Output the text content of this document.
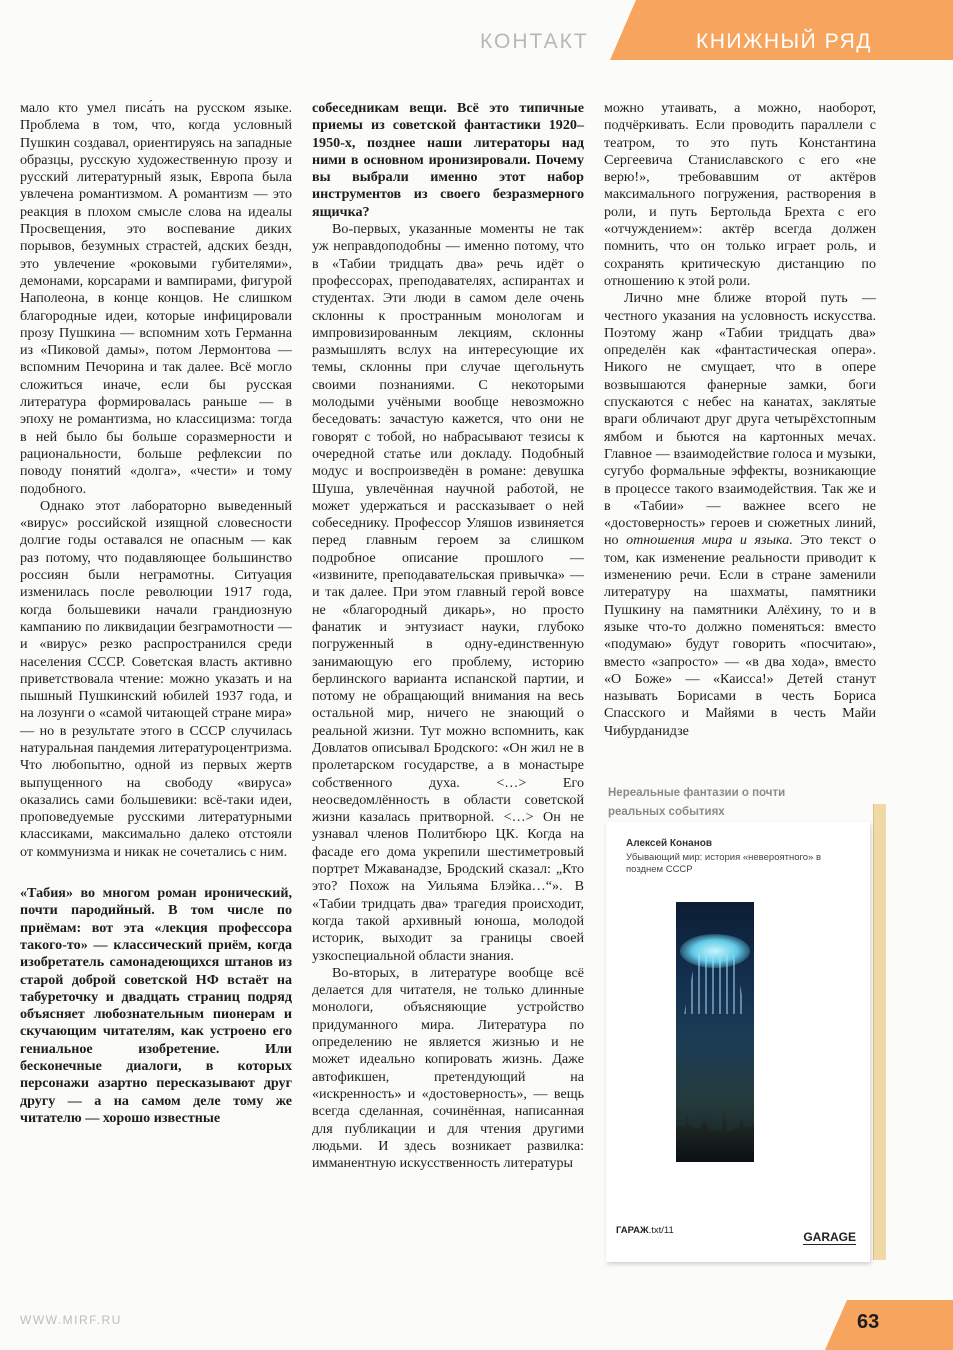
КОНТАКТ	КНИЖНЫЙ РЯД

мало кто умел писа́ть на русском языке. Проблема в том, что, когда условный Пушкин создавал, ориентируясь на западные образцы, русскую художественную прозу и русский литературный язык, Европа была увлечена романтизмом. А романтизм — это реакция в плохом смысле слова на идеалы Просвещения, это воспевание диких порывов, безумных страстей, адских бездн, это увлечение «роковыми губителями», демонами, корсарами и вампирами, фигурой Наполеона, в конце концов. Не слишком благородные идеи, которые инфицировали прозу Пушкина — вспомним хоть Германна из «Пиковой дамы», потом Лермонтова — вспомним Печорина и так далее. Всё могло сложиться иначе, если бы русская литература формировалась раньше — в эпоху не романтизма, но классицизма: тогда в ней было бы больше соразмерности и рациональности, больше рефлексии по поводу понятий «долга», «чести» и тому подобного.

Однако этот лабораторно выведенный «вирус» российской изящной словесности долгие годы оставался не опасным — как раз потому, что подавляющее большинство россиян были неграмотны. Ситуация изменилась после революции 1917 года, когда большевики начали грандиозную кампанию по ликвидации безграмотности — и «вирус» резко распространился среди населения СССР. Советская власть активно приветствовала чтение: можно указать и на пышный Пушкинский юбилей 1937 года, и на лозунги о «самой читающей стране мира» — но в результате этого в СССР случилась натуральная пандемия литературоцентризма. Что любопытно, одной из первых жертв выпущенного на свободу «вируса» оказались сами большевики: всё-таки идеи, проповедуемые русскими литературными классиками, максимально далеко отстояли от коммунизма и никак не сочетались с ним.

«Табия» во многом роман иронический, почти пародийный. В том числе по приёмам: вот эта «лекция профессора такого-то» — классический приём, когда изобретатель самонадеющихся штанов из старой доброй советской НФ встаёт на табуреточку и двадцать страниц подряд объясняет любознательным пионерам и скучающим читателям, как устроено его гениальное изобретение. Или бесконечные диалоги, в которых персонажи азартно пересказывают друг другу — а на самом деле тому же читателю — хорошо известные

собеседникам вещи. Всё это типичные приемы из советской фантастики 1920–1950-х, позднее наши литераторы над ними в основном иронизировали. Почему вы выбрали именно этот набор инструментов из своего безразмерного ящичка?

Во-первых, указанные моменты не так уж неправдоподобны — именно потому, что в «Табии тридцать два» речь идёт о профессорах, преподавателях, аспирантах и студентах. Эти люди в самом деле очень склонны к пространным монологам и импровизированным лекциям, склонны размышлять вслух на интересующие их темы, склонны при случае щегольнуть своими познаниями. С некоторыми молодыми учёными вообще невозможно беседовать: зачастую кажется, что они не говорят с тобой, но набрасывают тезисы к очередной статье или докладу. Подобный модус и воспроизведён в романе: девушка Шуша, увлечённая научной работой, не может удержаться и рассказывает о ней собеседнику. Профессор Уляшов извиняется перед главным героем за слишком подробное описание прошлого — «извините, преподавательская привычка» — и так далее. При этом главный герой вовсе не «благородный дикарь», но просто фанатик и энтузиаст науки, глубоко погруженный в одну-единственную занимающую его проблему, историю берлинского варианта испанской партии, и потому не обращающий внимания на весь остальной мир, ничего не знающий о реальной жизни. Тут можно вспомнить, как Довлатов описывал Бродского: «Он жил не в пролетарском государстве, а в монастыре собственного духа. <…> Его неосведомлённость в области советской жизни казалась притворной. <…> Он не узнавал членов Политбюро ЦК. Когда на фасаде его дома укрепили шестиметровый портрет Мжаванадзе, Бродский сказал: „Кто это? Похож на Уильяма Блэйка…“». В «Табии тридцать два» трагедия происходит, когда такой архивный юноша, молодой историк, выходит за границы своей узкоспециальной области знания.

Во-вторых, в литературе вообще всё делается для читателя, не только длинные монологи, объясняющие устройство придуманного мира. Литература по определению не является жизнью и не может идеально копировать жизнь. Даже автофикшен, претендующий на «искренность» и «достоверность», — вещь всегда сделанная, сочинённая, написанная для публикации и для чтения другими людьми. И здесь возникает развилка: имманентную искусственность литературы

можно утаивать, а можно, наоборот, подчёркивать. Если проводить параллели с театром, то это путь Константина Сергеевича Станиславского с его «не верю!», требовавшим от актёров максимального погружения, растворения в роли, и путь Бертольда Брехта с его «отчуждением»: актёр всегда должен помнить, что он только играет роль, и сохранять критическую дистанцию по отношению к этой роли.

Лично мне ближе второй путь — честного указания на условность искусства. Поэтому жанр «Табии тридцать два» определён как «фантастическая опера». Никого не смущает, что в опере возвышаются фанерные замки, боги спускаются с небес на канатах, заклятые враги обличают друг друга четырёхстопным ямбом и бьются на картонных мечах. Главное — взаимодействие голоса и музыки, сугубо формальные эффекты, возникающие в процессе такого взаимодействия. Так же и в «Табии» — важнее всего не «достоверность» героев и сюжетных линий, но отношения мира и языка. Это текст о том, как изменение реальности приводит к изменению речи. Если в стране заменили литературу на шахматы, памятники Пушкину на памятники Алёхину, то и в языке что-то должно поменяться: вместо «подумаю» будут говорить «посчитаю», вместо «запросто» — «в два хода», вместо «О Боже» — «Каисса!» Детей станут называть Борисами в честь Бориса Спасского и Майями в честь Майи Чибурданидзе

Нереальные фантазии о почти реальных событиях
Алексей Конанов
Убывающий мир: история «невероятного» в позднем СССР
ГАРАЖ.txt/11	GARAGE
WWW.MIRF.RU	63
